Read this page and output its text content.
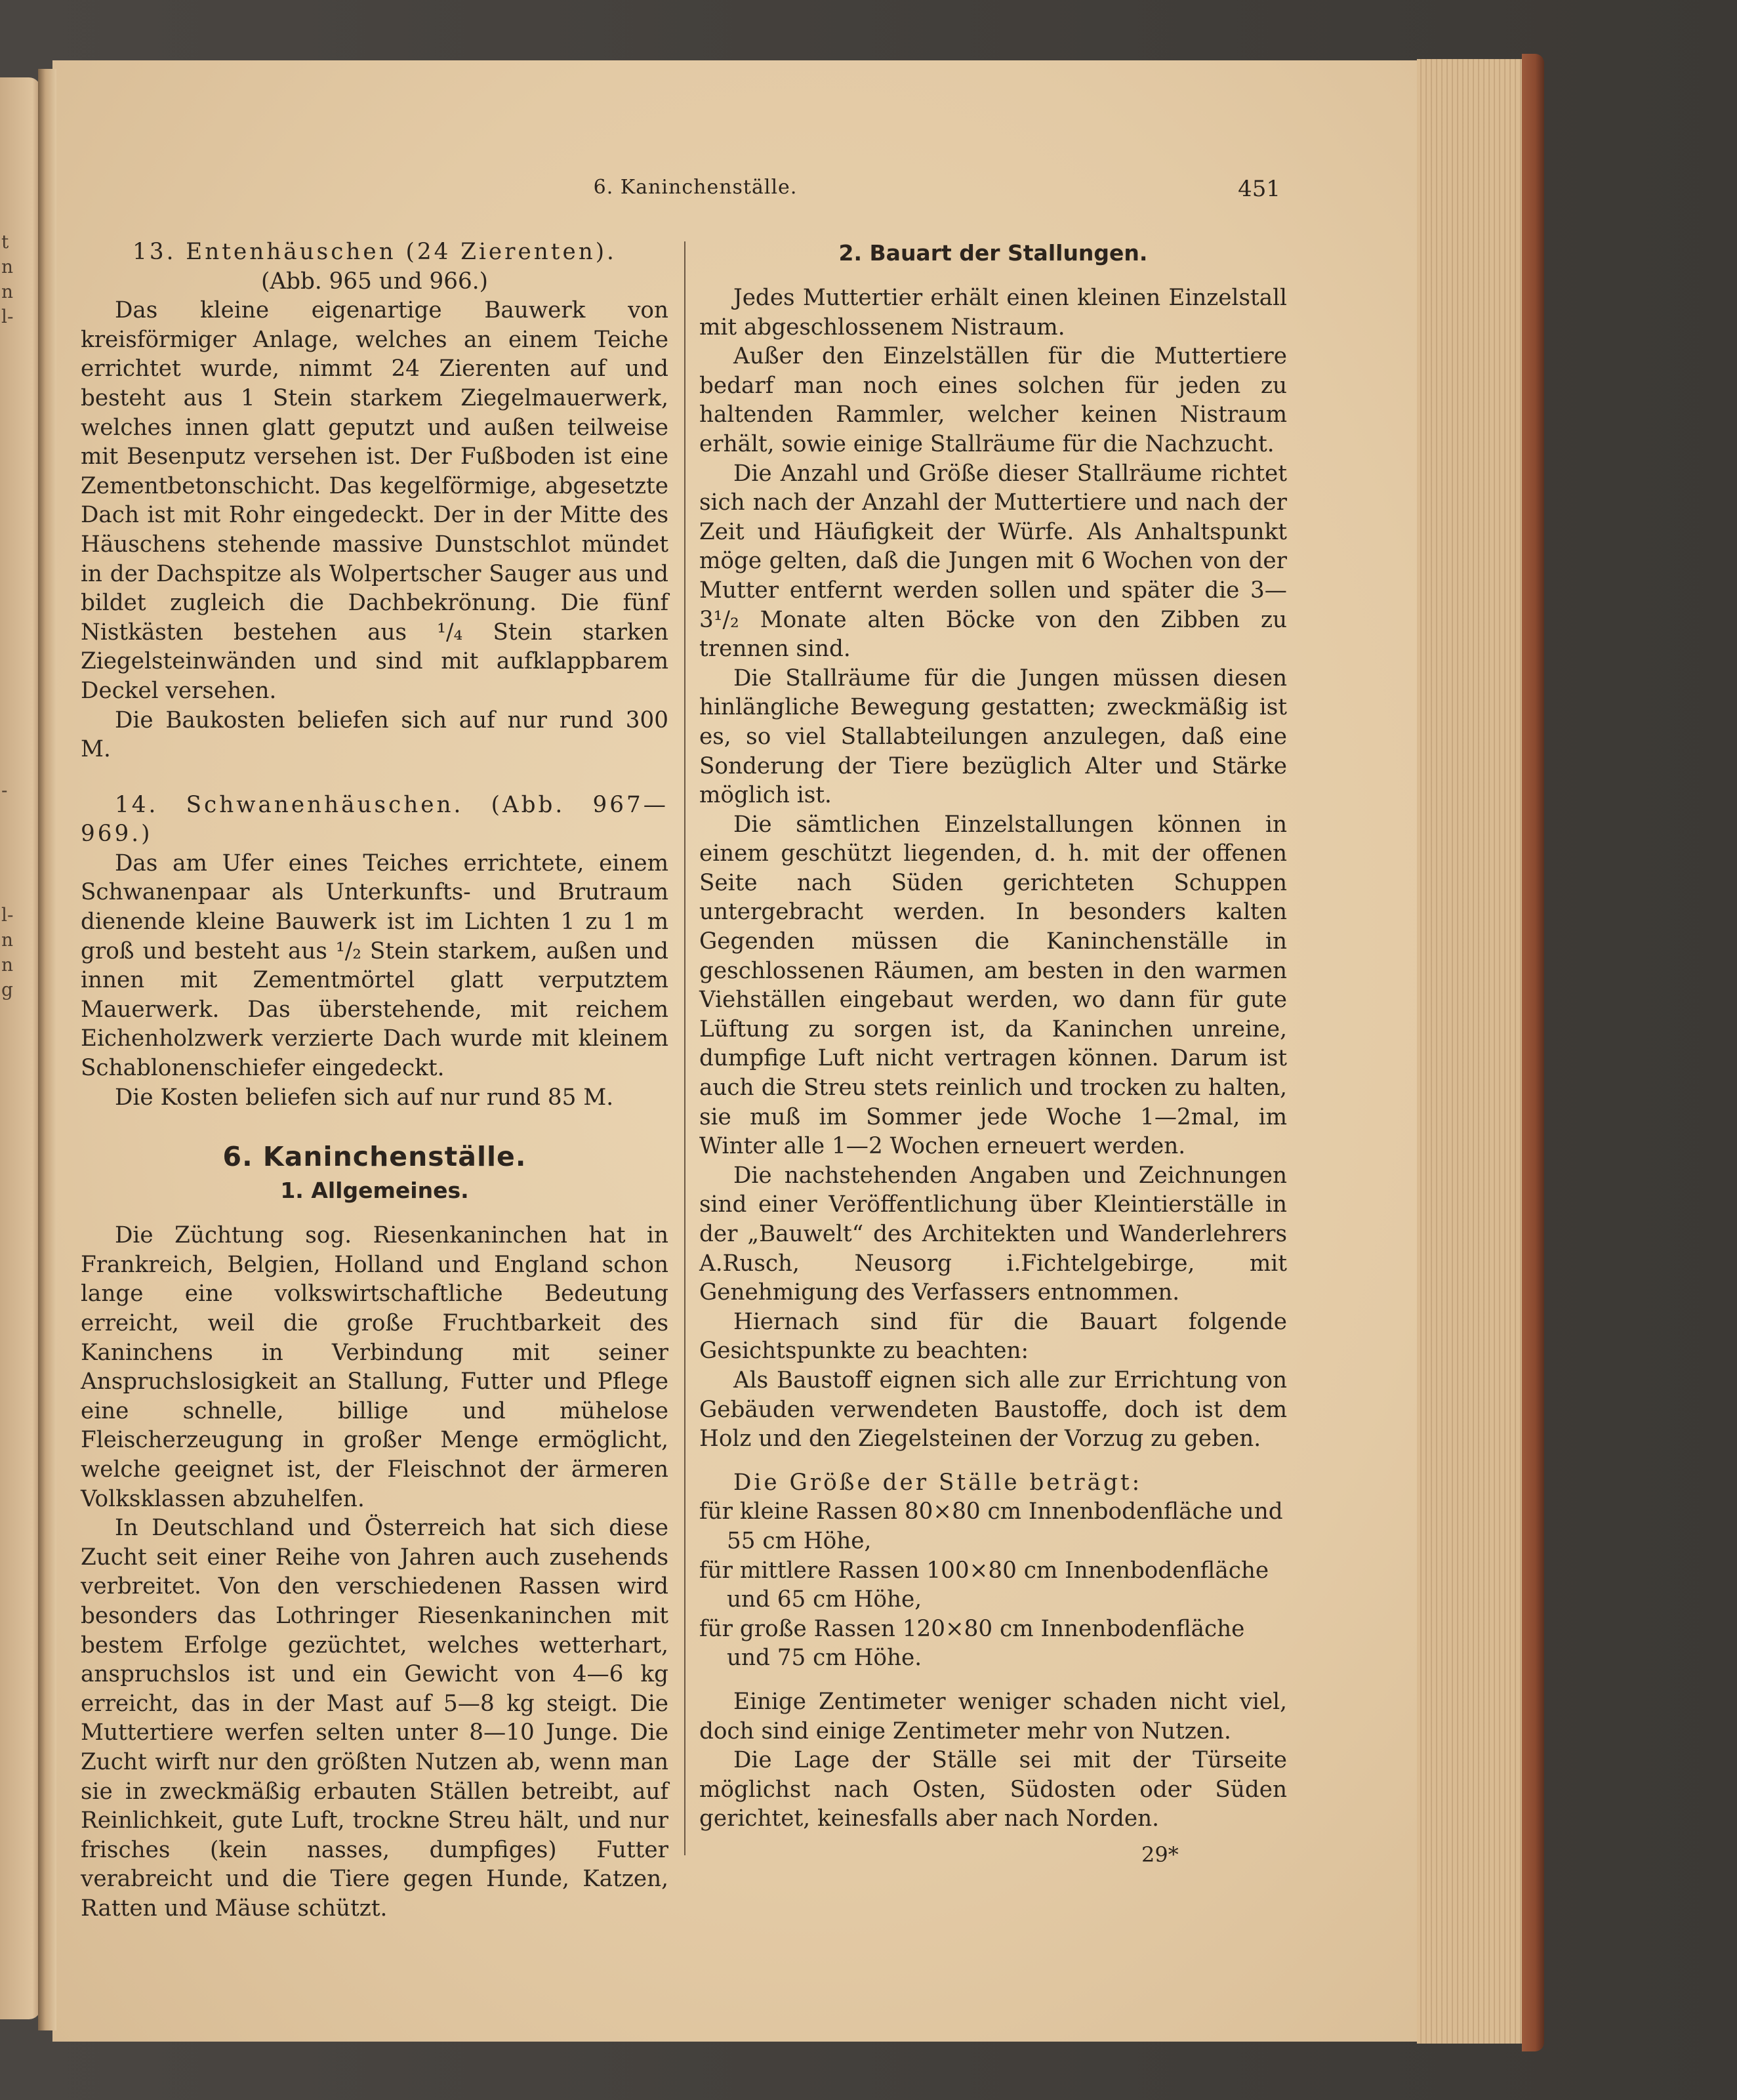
t
n
n
l-
-
l-
n
n
g
6. Kaninchenställe.	451

13. Entenhäuschen (24 Zierenten).

(Abb. 965 und 966.)

Das kleine eigenartige Bauwerk von kreisförmiger Anlage, welches an einem Teiche errichtet wurde, nimmt 24 Zierenten auf und besteht aus 1 Stein starkem Ziegelmauerwerk, welches innen glatt geputzt und außen teilweise mit Besenputz versehen ist. Der Fußboden ist eine Zementbetonschicht. Das kegelförmige, abgesetzte Dach ist mit Rohr eingedeckt. Der in der Mitte des Häuschens stehende massive Dunstschlot mündet in der Dachspitze als Wolpertscher Sauger aus und bildet zugleich die Dachbekrönung. Die fünf Nistkästen bestehen aus ¹/₄ Stein starken Ziegelsteinwänden und sind mit aufklappbarem Deckel versehen.

Die Baukosten beliefen sich auf nur rund 300 M.

14. Schwanenhäuschen. (Abb. 967—969.)

Das am Ufer eines Teiches errichtete, einem Schwanenpaar als Unterkunfts- und Brutraum dienende kleine Bauwerk ist im Lichten 1 zu 1 m groß und besteht aus ¹/₂ Stein starkem, außen und innen mit Zementmörtel glatt verputztem Mauerwerk. Das überstehende, mit reichem Eichenholzwerk verzierte Dach wurde mit kleinem Schablonenschiefer eingedeckt.

Die Kosten beliefen sich auf nur rund 85 M.

6. Kaninchenställe.

1. Allgemeines.

Die Züchtung sog. Riesenkaninchen hat in Frankreich, Belgien, Holland und England schon lange eine volkswirtschaftliche Bedeutung erreicht, weil die große Fruchtbarkeit des Kaninchens in Verbindung mit seiner Anspruchslosigkeit an Stallung, Futter und Pflege eine schnelle, billige und mühelose Fleischerzeugung in großer Menge ermöglicht, welche geeignet ist, der Fleischnot der ärmeren Volksklassen abzuhelfen.

In Deutschland und Österreich hat sich diese Zucht seit einer Reihe von Jahren auch zusehends verbreitet. Von den verschiedenen Rassen wird besonders das Lothringer Riesenkaninchen mit bestem Erfolge gezüchtet, welches wetterhart, anspruchslos ist und ein Gewicht von 4—6 kg erreicht, das in der Mast auf 5—8 kg steigt. Die Muttertiere werfen selten unter 8—10 Junge. Die Zucht wirft nur den größten Nutzen ab, wenn man sie in zweckmäßig erbauten Ställen betreibt, auf Reinlichkeit, gute Luft, trockne Streu hält, und nur frisches (kein nasses, dumpfiges) Futter verabreicht und die Tiere gegen Hunde, Katzen, Ratten und Mäuse schützt.

2. Bauart der Stallungen.

Jedes Muttertier erhält einen kleinen Einzelstall mit abgeschlossenem Nistraum.

Außer den Einzelställen für die Muttertiere bedarf man noch eines solchen für jeden zu haltenden Rammler, welcher keinen Nistraum erhält, sowie einige Stallräume für die Nachzucht.

Die Anzahl und Größe dieser Stallräume richtet sich nach der Anzahl der Muttertiere und nach der Zeit und Häufigkeit der Würfe. Als Anhaltspunkt möge gelten, daß die Jungen mit 6 Wochen von der Mutter entfernt werden sollen und später die 3—3¹/₂ Monate alten Böcke von den Zibben zu trennen sind.

Die Stallräume für die Jungen müssen diesen hinlängliche Bewegung gestatten; zweckmäßig ist es, so viel Stallabteilungen anzulegen, daß eine Sonderung der Tiere bezüglich Alter und Stärke möglich ist.

Die sämtlichen Einzelstallungen können in einem geschützt liegenden, d. h. mit der offenen Seite nach Süden gerichteten Schuppen untergebracht werden. In besonders kalten Gegenden müssen die Kaninchenställe in geschlossenen Räumen, am besten in den warmen Viehställen eingebaut werden, wo dann für gute Lüftung zu sorgen ist, da Kaninchen unreine, dumpfige Luft nicht vertragen können. Darum ist auch die Streu stets reinlich und trocken zu halten, sie muß im Sommer jede Woche 1—2mal, im Winter alle 1—2 Wochen erneuert werden.

Die nachstehenden Angaben und Zeichnungen sind einer Veröffentlichung über Kleintierställe in der „Bauwelt“ des Architekten und Wanderlehrers A.Rusch, Neusorg i.Fichtelgebirge, mit Genehmigung des Verfassers entnommen.

Hiernach sind für die Bauart folgende Gesichtspunkte zu beachten:

Als Baustoff eignen sich alle zur Errichtung von Gebäuden verwendeten Baustoffe, doch ist dem Holz und den Ziegelsteinen der Vorzug zu geben.

Die Größe der Ställe beträgt:

für kleine Rassen 80×80 cm Innenbodenfläche und 55 cm Höhe,

für mittlere Rassen 100×80 cm Innenbodenfläche und 65 cm Höhe,

für große Rassen 120×80 cm Innenbodenfläche und 75 cm Höhe.

Einige Zentimeter weniger schaden nicht viel, doch sind einige Zentimeter mehr von Nutzen.

Die Lage der Ställe sei mit der Türseite möglichst nach Osten, Südosten oder Süden gerichtet, keinesfalls aber nach Norden.

29*
